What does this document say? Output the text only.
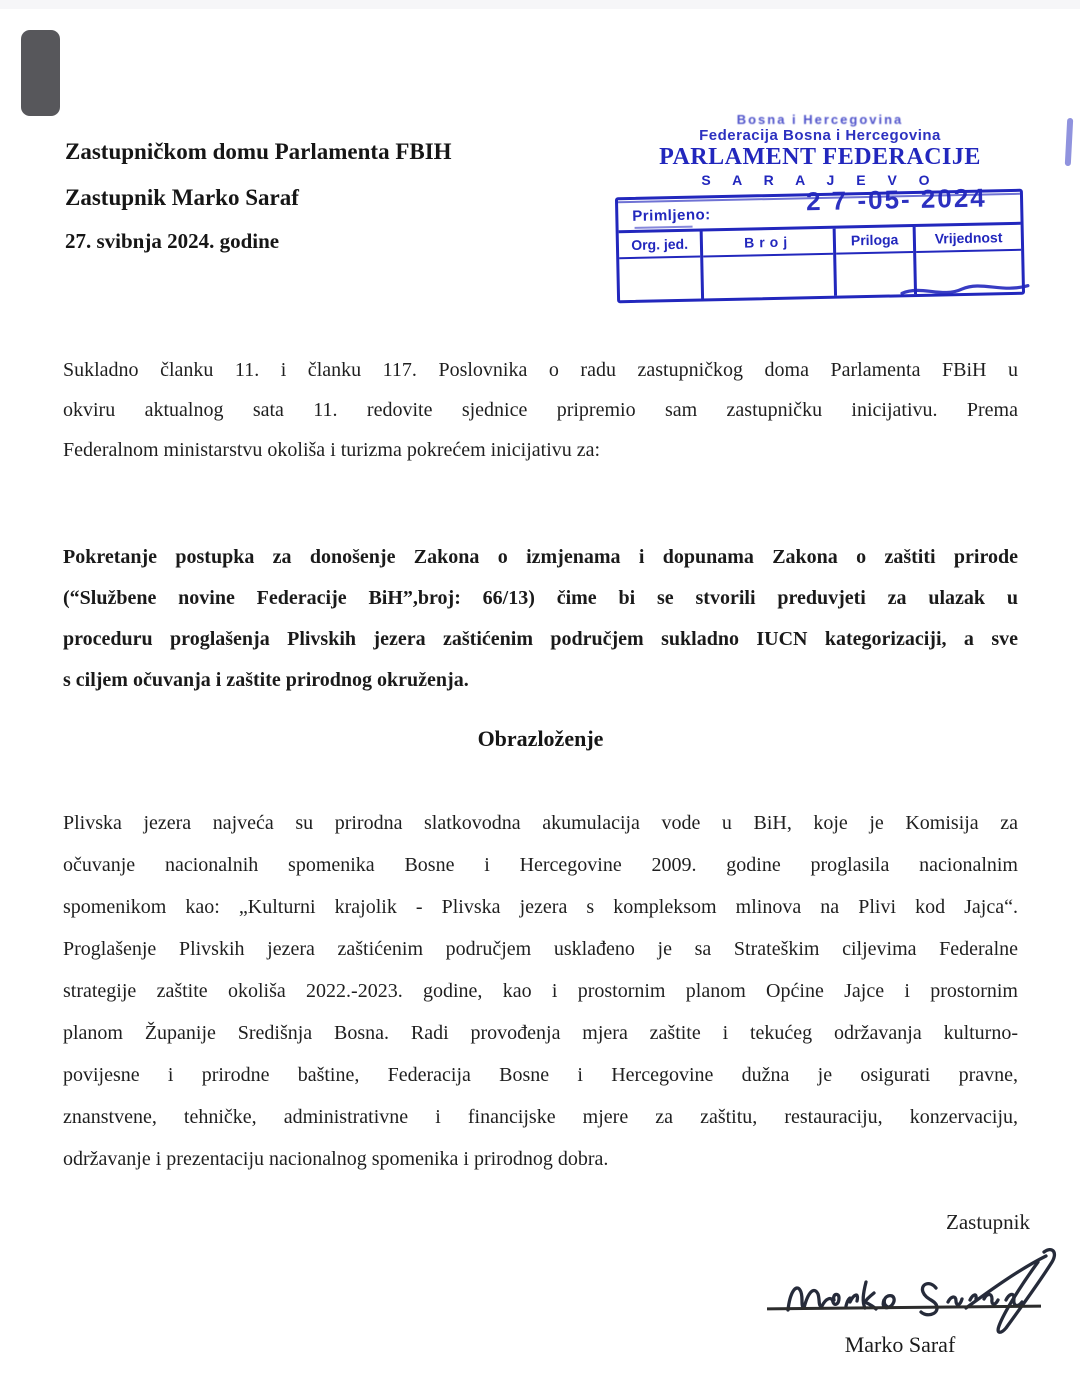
Zastupničkom domu Parlamenta FBIH
Zastupnik Marko Saraf
27. svibnja 2024. godine
Bosna i Hercegovina
Federacija Bosna i Hercegovina
PARLAMENT FEDERACIJE
S A R A J E V O
Primljeno:	2 7 -05- 2024
Org. jed.	Broj	Priloga	Vrijednost
Sukladno članku 11. i članku 117. Poslovnika o radu zastupničkog doma Parlamenta FBiH u
okviru aktualnog sata 11. redovite sjednice pripremio sam zastupničku inicijativu. Prema
Federalnom ministarstvu okoliša i turizma pokrećem inicijativu za:
Pokretanje postupka za donošenje Zakona o izmjenama i dopunama Zakona o zaštiti prirode
(“Službene novine Federacije BiH”,broj: 66/13) čime bi se stvorili preduvjeti za ulazak u
proceduru proglašenja Plivskih jezera zaštićenim područjem sukladno IUCN kategorizaciji, a sve
s ciljem očuvanja i zaštite prirodnog okruženja.
Obrazloženje
Plivska jezera najveća su prirodna slatkovodna akumulacija vode u BiH, koje je Komisija za
očuvanje nacionalnih spomenika Bosne i Hercegovine 2009. godine proglasila nacionalnim
spomenikom kao: „Kulturni krajolik - Plivska jezera s kompleksom mlinova na Plivi kod Jajca“.
Proglašenje Plivskih jezera zaštićenim područjem usklađeno je sa Strateškim ciljevima Federalne
strategije zaštite okoliša 2022.-2023. godine, kao i prostornim planom Općine Jajce i prostornim
planom Županije Središnja Bosna. Radi provođenja mjera zaštite i tekućeg održavanja kulturno-
povijesne i prirodne baštine, Federacija Bosne i Hercegovine dužna je osigurati pravne,
znanstvene, tehničke, administrativne i financijske mjere za zaštitu, restauraciju, konzervaciju,
održavanje i prezentaciju nacionalnog spomenika i prirodnog dobra.
Zastupnik
Marko Saraf
